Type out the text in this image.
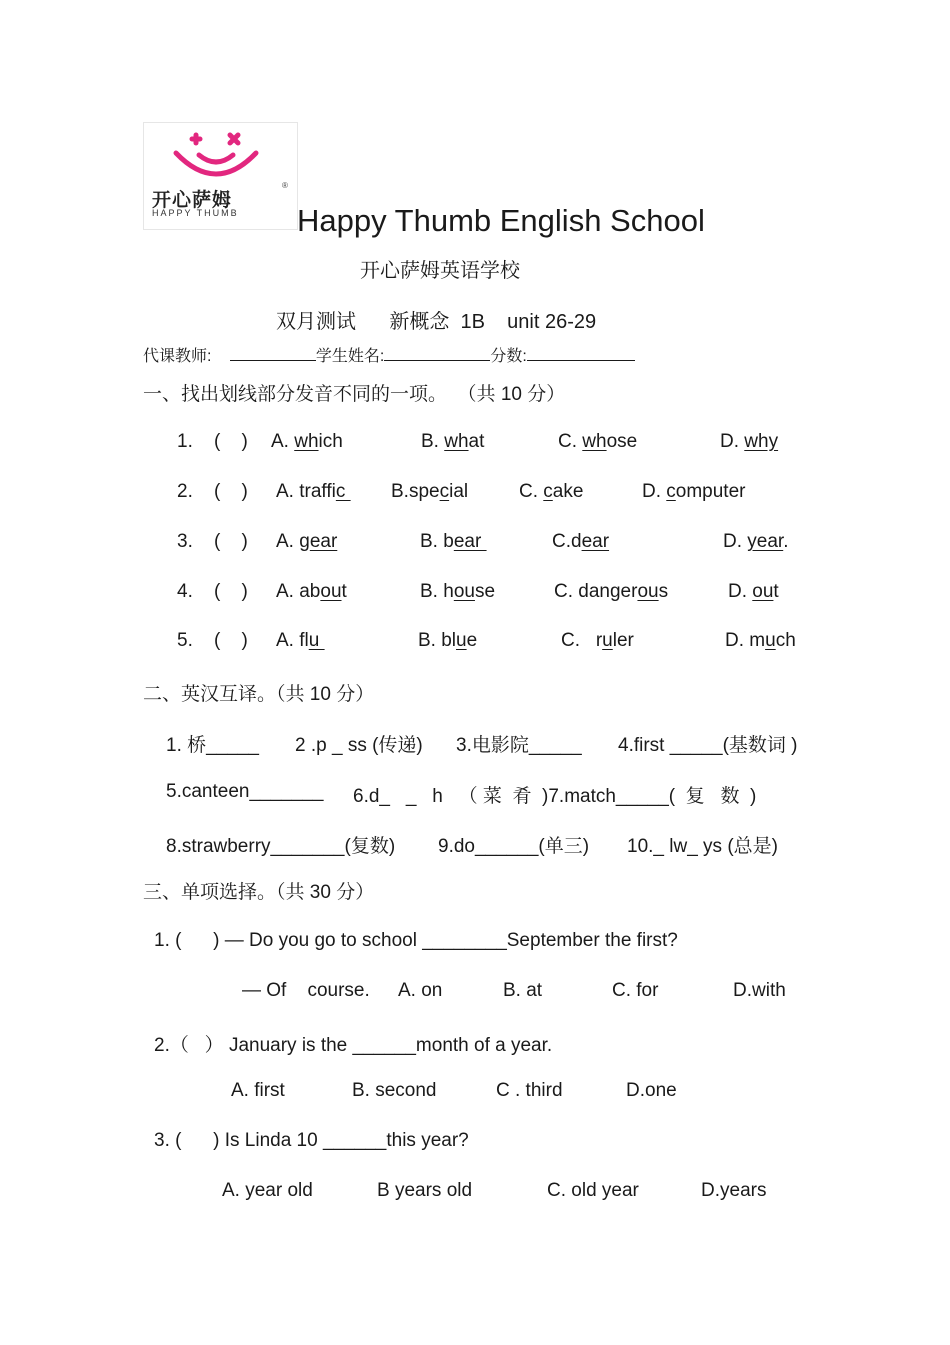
开心萨姆
®
HAPPY THUMB Happy Thumb English School
开心萨姆英语学校
双月测试      新概念  1B    unit 26-29
代课教师:	学生姓名:	分数:
一、找出划线部分发音不同的一项。  （共 10 分）
1. (    ) A. which	B. what	C. whose	D. why
2. (    ) A. traffic B.special	C. cake	D. computer
3. (    ) A. gear	B. bear	C.dear	D. year.
4. (    ) A. about	B. house	C. dangerous	D. out
5. (    ) A. flu	B. blue	C.   ruler	D. much
二、英汉互译。（共 10 分）
1. 桥_____ 2 .p _ ss (传递) 3.电影院_____ 4.first _____(基数词 )
5.canteen_______ 6.d_   _   h   （ 菜  肴  )7.match_____(  复   数  )
8.strawberry_______(复数) 9.do______(单三) 10._ lw_ ys (总是)
三、单项选择。（共 30 分）
1. (      ) — Do you go to school ________September the first?
— Of    course. A. on	B. at	C. for	D.with
2.（   ） January is the ______month of a year.
A. first	B. second	C . third	D.one
3. (      ) Is Linda 10 ______this year?
A. year old	B years old	C. old year	D.years
